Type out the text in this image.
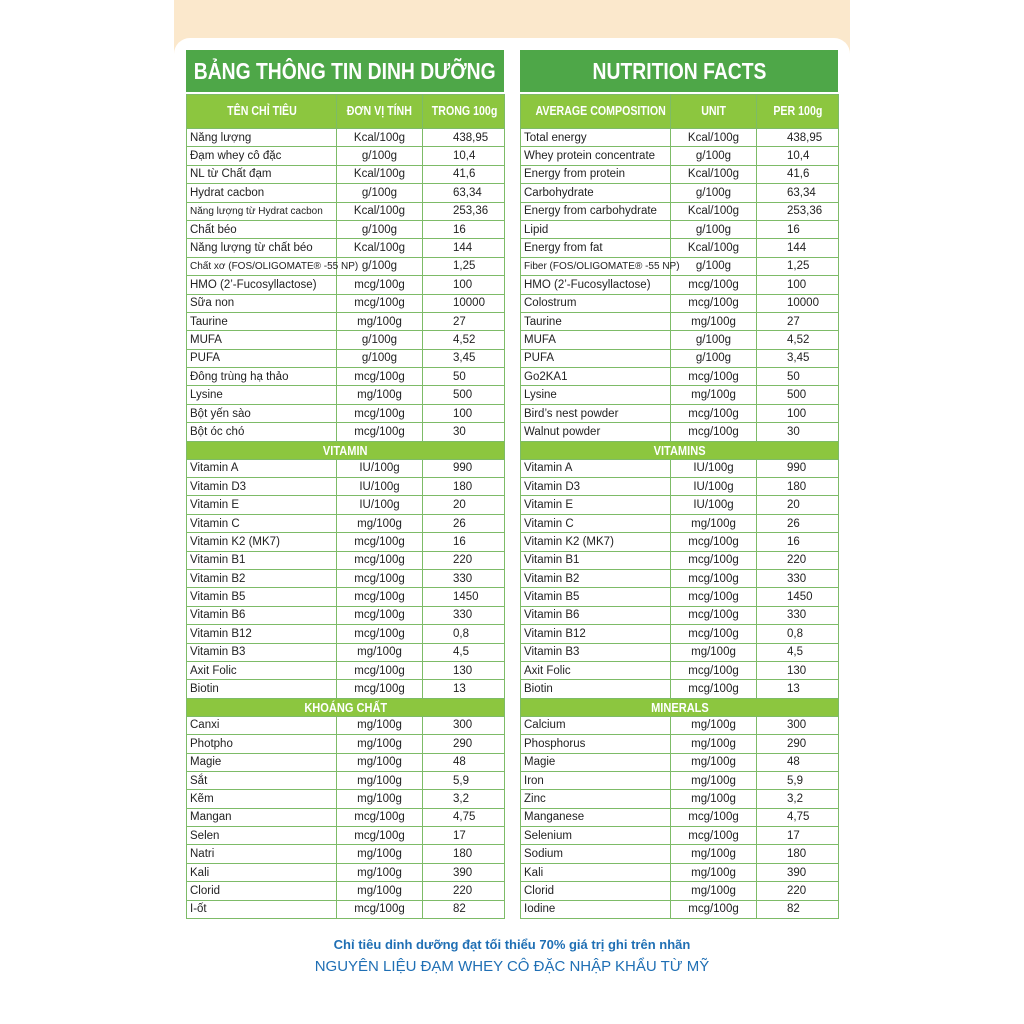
BẢNG THÔNG TIN DINH DƯỠNG
TÊN CHỈ TIÊU	ĐƠN VỊ TÍNH	TRONG 100g
Năng lượng	Kcal/100g	438,95
Đạm whey cô đặc	g/100g	10,4
NL từ Chất đạm	Kcal/100g	41,6
Hydrat cacbon	g/100g	63,34
Năng lượng từ Hydrat cacbon	Kcal/100g	253,36
Chất béo	g/100g	16
Năng lượng từ chất béo	Kcal/100g	144
Chất xơ (FOS/OLIGOMATE® -55 NP)	g/100g	1,25
HMO (2’-Fucosyllactose)	mcg/100g	100
Sữa non	mcg/100g	10000
Taurine	mg/100g	27
MUFA	g/100g	4,52
PUFA	g/100g	3,45
Đông trùng hạ thảo	mcg/100g	50
Lysine	mg/100g	500
Bột yến sào	mcg/100g	100
Bột óc chó	mcg/100g	30
VITAMIN		
Vitamin A	IU/100g	990
Vitamin D3	IU/100g	180
Vitamin E	IU/100g	20
Vitamin C	mg/100g	26
Vitamin K2 (MK7)	mcg/100g	16
Vitamin B1	mcg/100g	220
Vitamin B2	mcg/100g	330
Vitamin B5	mcg/100g	1450
Vitamin B6	mcg/100g	330
Vitamin B12	mcg/100g	0,8
Vitamin B3	mg/100g	4,5
Axit Folic	mcg/100g	130
Biotin	mcg/100g	13
KHOÁNG CHẤT		
Canxi	mg/100g	300
Photpho	mg/100g	290
Magie	mg/100g	48
Sắt	mg/100g	5,9
Kẽm	mg/100g	3,2
Mangan	mcg/100g	4,75
Selen	mcg/100g	17
Natri	mg/100g	180
Kali	mg/100g	390
Clorid	mg/100g	220
I-ốt	mcg/100g	82
NUTRITION FACTS
AVERAGE COMPOSITION	UNIT	PER 100g
Total energy	Kcal/100g	438,95
Whey protein concentrate	g/100g	10,4
Energy from protein	Kcal/100g	41,6
Carbohydrate	g/100g	63,34
Energy from carbohydrate	Kcal/100g	253,36
Lipid	g/100g	16
Energy from fat	Kcal/100g	144
Fiber (FOS/OLIGOMATE® -55 NP)	g/100g	1,25
HMO (2’-Fucosyllactose)	mcg/100g	100
Colostrum	mcg/100g	10000
Taurine	mg/100g	27
MUFA	g/100g	4,52
PUFA	g/100g	3,45
Go2KA1	mcg/100g	50
Lysine	mg/100g	500
Bird’s nest powder	mcg/100g	100
Walnut powder	mcg/100g	30
VITAMINS		
Vitamin A	IU/100g	990
Vitamin D3	IU/100g	180
Vitamin E	IU/100g	20
Vitamin C	mg/100g	26
Vitamin K2 (MK7)	mcg/100g	16
Vitamin B1	mcg/100g	220
Vitamin B2	mcg/100g	330
Vitamin B5	mcg/100g	1450
Vitamin B6	mcg/100g	330
Vitamin B12	mcg/100g	0,8
Vitamin B3	mg/100g	4,5
Axit Folic	mcg/100g	130
Biotin	mcg/100g	13
MINERALS		
Calcium	mg/100g	300
Phosphorus	mg/100g	290
Magie	mg/100g	48
Iron	mg/100g	5,9
Zinc	mg/100g	3,2
Manganese	mcg/100g	4,75
Selenium	mcg/100g	17
Sodium	mg/100g	180
Kali	mg/100g	390
Clorid	mg/100g	220
Iodine	mcg/100g	82
Chỉ tiêu dinh dưỡng đạt tối thiểu 70% giá trị ghi trên nhãn
NGUYÊN LIỆU ĐẠM WHEY CÔ ĐẶC NHẬP KHẨU TỪ MỸ
